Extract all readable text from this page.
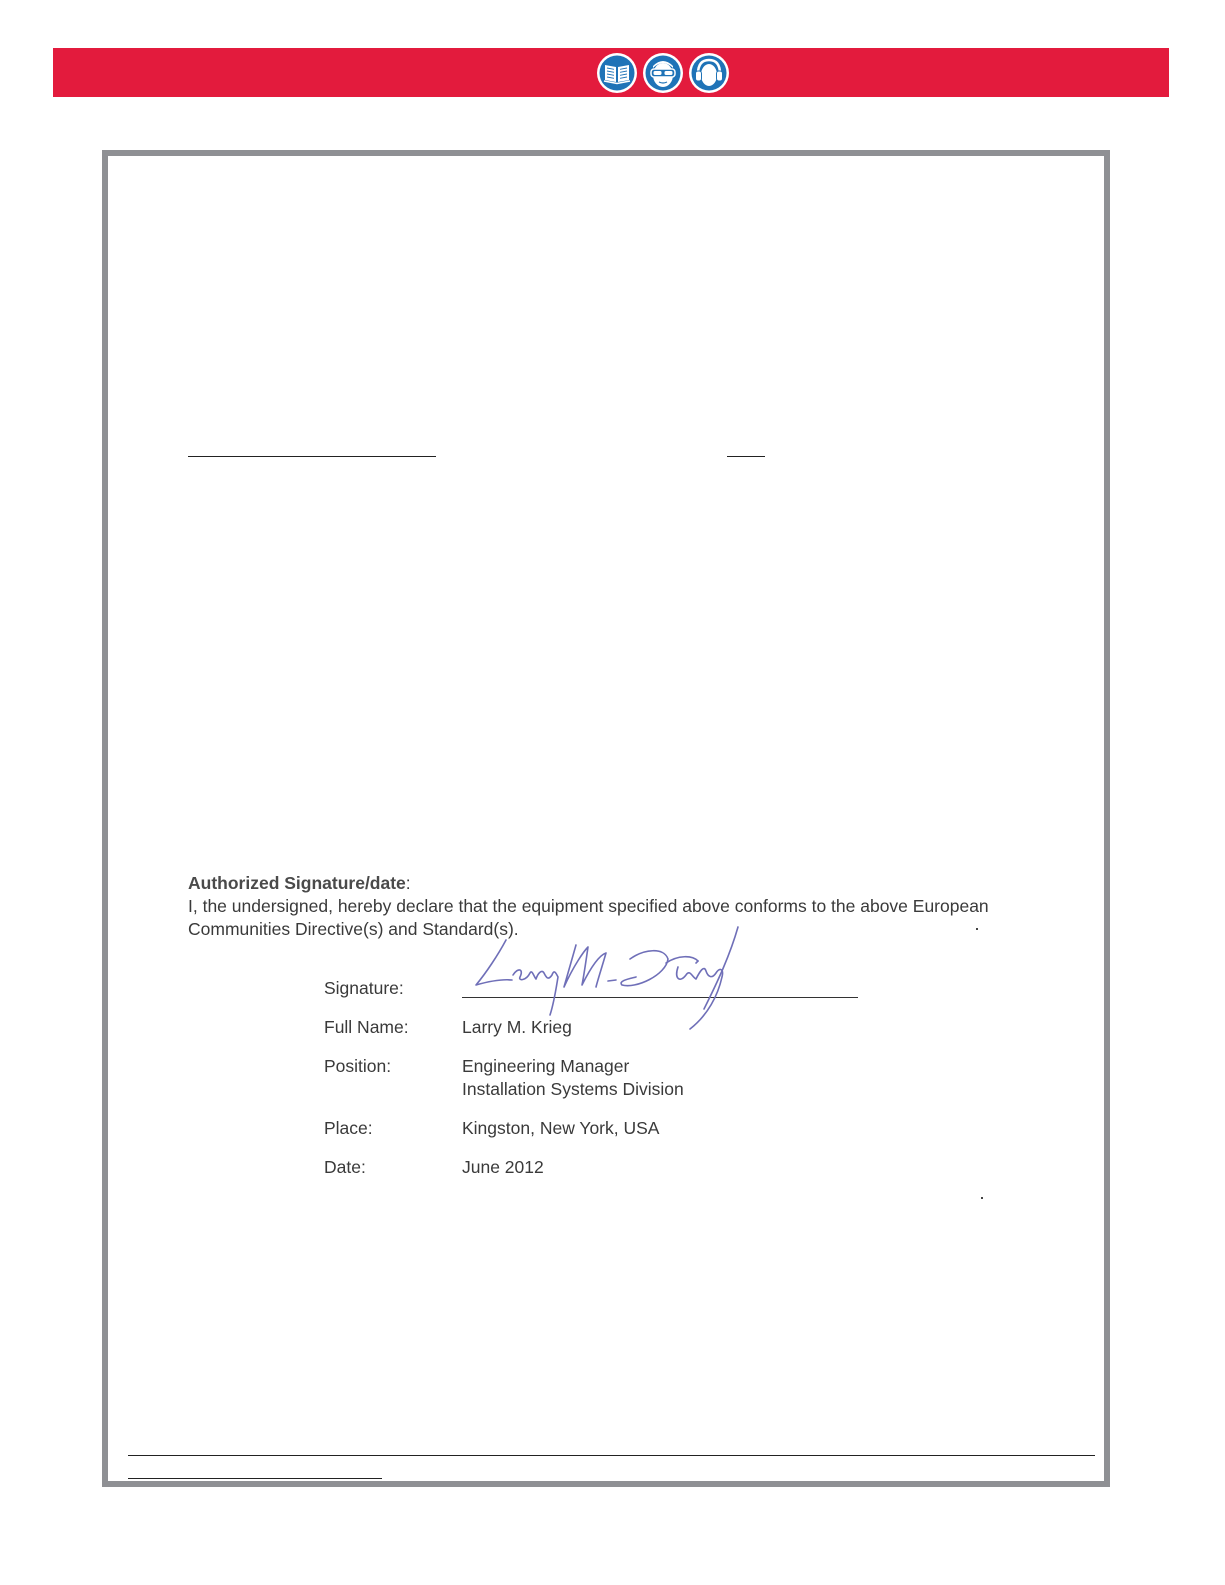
Authorized Signature/date:
I, the undersigned, hereby declare that the equipment specified above conforms to the above European Communities Directive(s) and Standard(s).
Signature:
Full Name:	Larry M. Krieg
Position:	Engineering Manager
Installation Systems Division
Place:	Kingston, New York, USA
Date:	June 2012
